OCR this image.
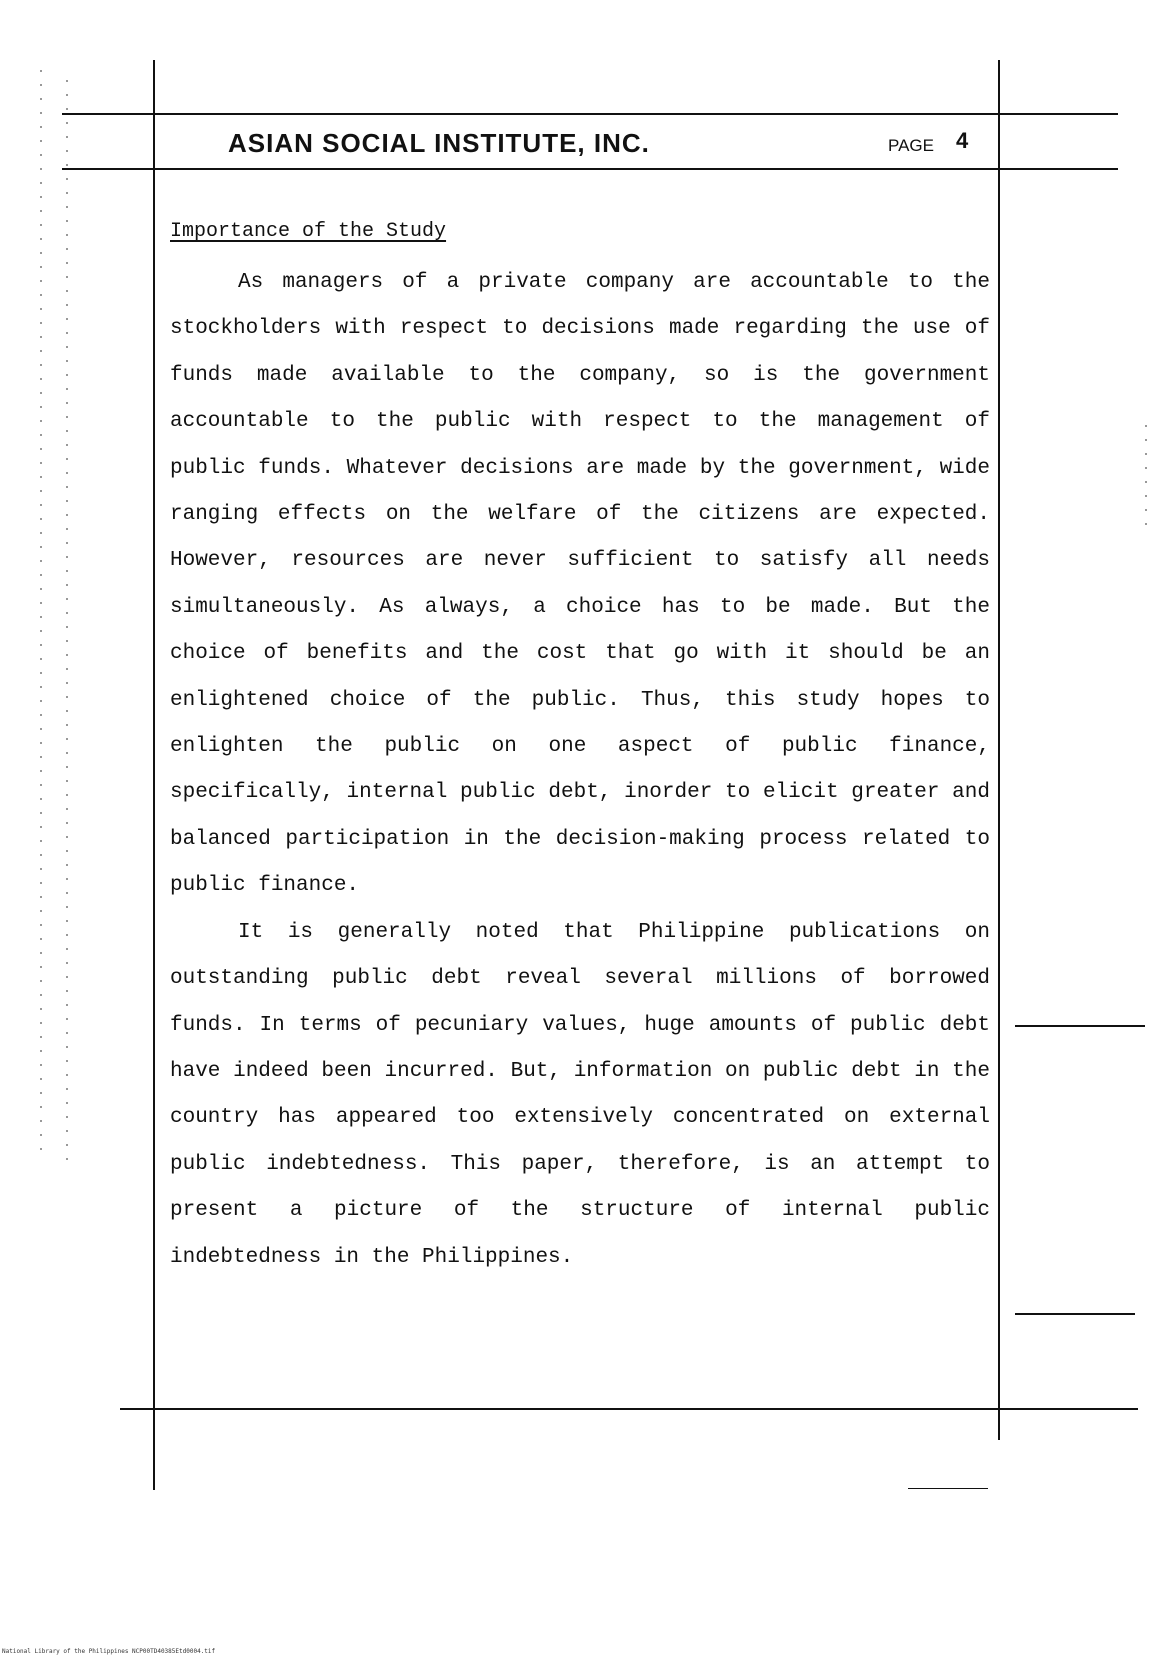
ASIAN SOCIAL INSTITUTE, INC.	PAGE 4
Importance of the Study

As managers of a private company are accountable to the stockholders with respect to decisions made regarding the use of funds made available to the company, so is the government accountable to the public with respect to the management of public funds. Whatever decisions are made by the government, wide ranging effects on the welfare of the citizens are expected. However, resources are never sufficient to satisfy all needs simultaneously. As always, a choice has to be made. But the choice of benefits and the cost that go with it should be an enlightened choice of the public. Thus, this study hopes to enlighten the public on one aspect of public finance, specifically, internal public debt, inorder to elicit greater and balanced participation in the decision-making process related to public finance.

It is generally noted that Philippine publications on outstanding public debt reveal several millions of borrowed funds. In terms of pecuniary values, huge amounts of public debt have indeed been incurred. But, information on public debt in the country has appeared too extensively concentrated on external public indebtedness. This paper, therefore, is an attempt to present a picture of the structure of internal public indebtedness in the Philippines.

National Library of the Philippines NCP00TD40385Etd0004.tif
